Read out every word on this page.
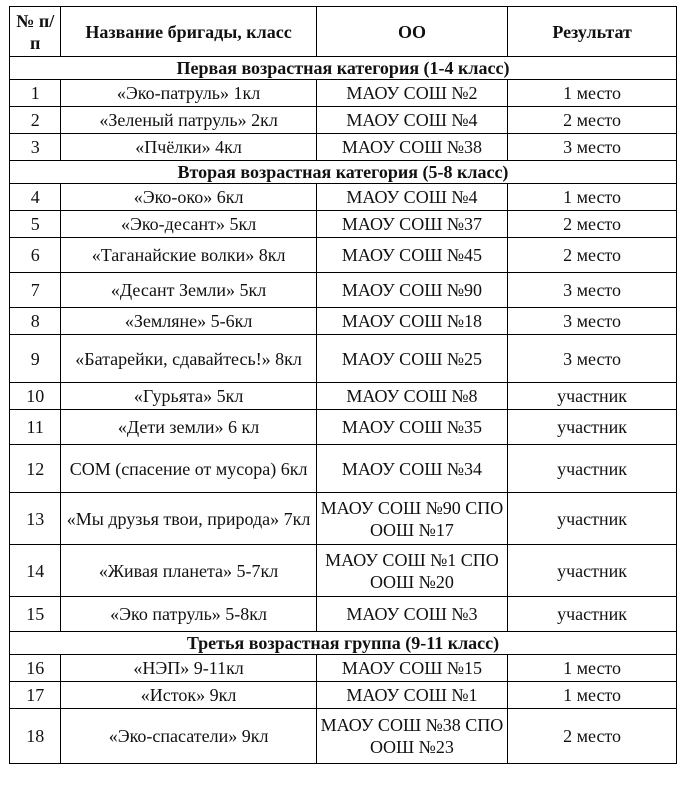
№ п/п	Название бригады, класс	ОО	Результат
Первая возрастная категория (1-4 класс)			
1	«Эко-патруль» 1кл	МАОУ СОШ №2	1 место
2	«Зеленый патруль» 2кл	МАОУ СОШ №4	2 место
3	«Пчёлки» 4кл	МАОУ СОШ №38	3 место
Вторая возрастная категория (5-8 класс)			
4	«Эко-око» 6кл	МАОУ СОШ №4	1 место
5	«Эко-десант» 5кл	МАОУ СОШ №37	2 место
6	«Таганайские волки» 8кл	МАОУ СОШ №45	2 место
7	«Десант Земли» 5кл	МАОУ СОШ №90	3 место
8	«Земляне» 5-6кл	МАОУ СОШ №18	3 место
9	«Батарейки, сдавайтесь!» 8кл	МАОУ СОШ №25	3 место
10	«Гурьята» 5кл	МАОУ СОШ №8	участник
11	«Дети земли» 6 кл	МАОУ СОШ №35	участник
12	СОМ (спасение от мусора) 6кл	МАОУ СОШ №34	участник
13	«Мы друзья твои, природа» 7кл	МАОУ СОШ №90 СПО ООШ №17	участник
14	«Живая планета» 5-7кл	МАОУ СОШ №1 СПО ООШ №20	участник
15	«Эко патруль» 5-8кл	МАОУ СОШ №3	участник
Третья возрастная группа (9-11 класс)			
16	«НЭП» 9-11кл	МАОУ СОШ №15	1 место
17	«Исток» 9кл	МАОУ СОШ №1	1 место
18	«Эко-спасатели» 9кл	МАОУ СОШ №38 СПО ООШ №23	2 место
